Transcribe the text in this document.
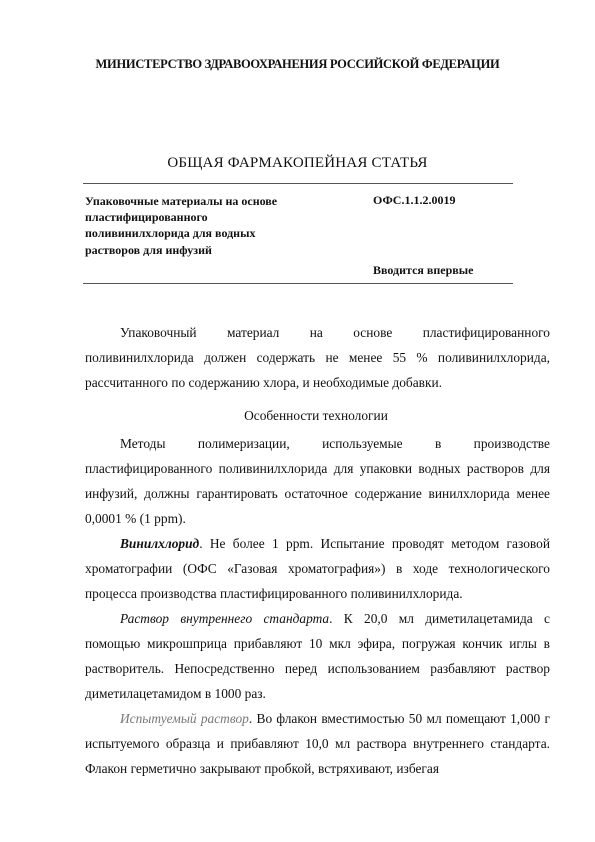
МИНИСТЕРСТВО ЗДРАВООХРАНЕНИЯ РОССИЙСКОЙ ФЕДЕРАЦИИ
ОБЩАЯ ФАРМАКОПЕЙНАЯ СТАТЬЯ
Упаковочные материалы на основе
пластифицированного
поливинилхлорида для водных
растворов для инфузий
ОФС.1.1.2.0019
Вводится впервые

Упаковочный материал на основе пластифицированного поливинилхлорида должен содержать не менее 55 % поливинилхлорида, рассчитанного по содержанию хлора, и необходимые добавки.

Особенности технологии

Методы полимеризации, используемые в производстве пластифицированного поливинилхлорида для упаковки водных растворов для инфузий, должны гарантировать остаточное содержание винилхлорида менее 0,0001 % (1 ppm).

Винилхлорид. Не более 1 ppm. Испытание проводят методом газовой хроматографии (ОФС «Газовая хроматография») в ходе технологического процесса производства пластифицированного поливинилхлорида.

Раствор внутреннего стандарта. К 20,0 мл диметилацетамида с помощью микрошприца прибавляют 10 мкл эфира, погружая кончик иглы в растворитель. Непосредственно перед использованием разбавляют раствор диметилацетамидом в 1000 раз.

Испытуемый раствор. Во флакон вместимостью 50 мл помещают 1,000 г испытуемого образца и прибавляют 10,0 мл раствора внутреннего стандарта. Флакон герметично закрывают пробкой, встряхивают, избегая
